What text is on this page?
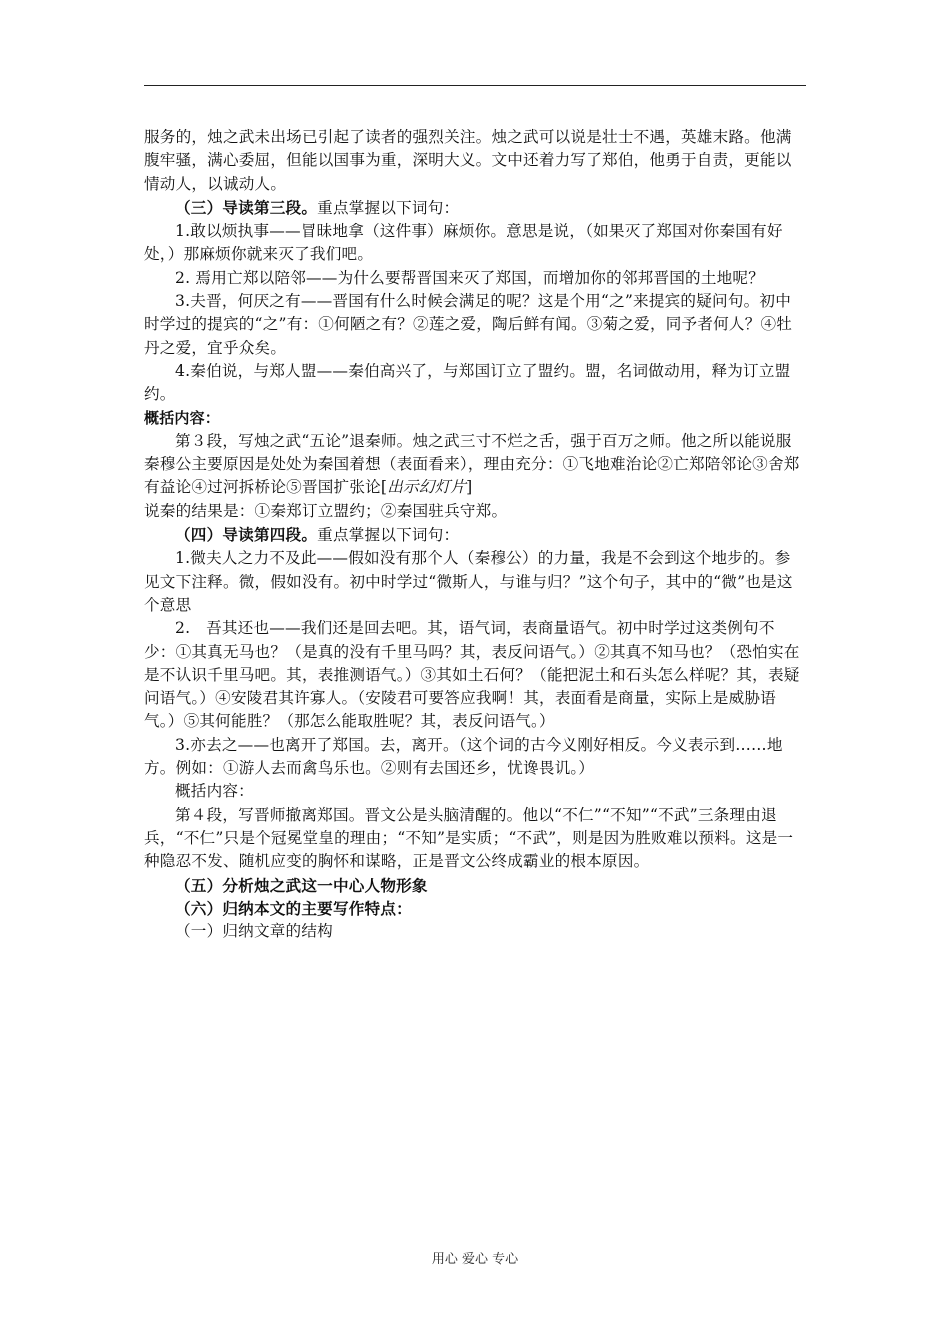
服务的，烛之武未出场已引起了读者的强烈关注。烛之武可以说是壮士不遇，英雄末路。他满腹牢骚，满心委屈，但能以国事为重，深明大义。文中还着力写了郑伯，他勇于自责，更能以情动人，以诚动人。

（三）导读第三段。重点掌握以下词句：

1.敢以烦执事——冒昧地拿（这件事）麻烦你。意思是说，（如果灭了郑国对你秦国有好处，）那麻烦你就来灭了我们吧。

2. 焉用亡郑以陪邻——为什么要帮晋国来灭了郑国，而增加你的邻邦晋国的土地呢？

3.夫晋，何厌之有——晋国有什么时候会满足的呢？这是个用“之”来提宾的疑问句。初中时学过的提宾的“之”有：①何陋之有？②莲之爱，陶后鲜有闻。③菊之爱，同予者何人？④牡丹之爱，宜乎众矣。

4.秦伯说，与郑人盟——秦伯高兴了，与郑国订立了盟约。盟，名词做动用，释为订立盟约。

概括内容：

第３段，写烛之武“五论”退秦师。烛之武三寸不烂之舌，强于百万之师。他之所以能说服秦穆公主要原因是处处为秦国着想（表面看来），理由充分：①飞地难治论②亡郑陪邻论③舍郑有益论④过河拆桥论⑤晋国扩张论[出示幻灯片]

说秦的结果是：①秦郑订立盟约；②秦国驻兵守郑。

（四）导读第四段。重点掌握以下词句：

1.微夫人之力不及此——假如没有那个人（秦穆公）的力量，我是不会到这个地步的。参见文下注释。微，假如没有。初中时学过“微斯人，与谁与归？”这个句子，其中的“微”也是这个意思

2.　吾其还也——我们还是回去吧。其，语气词，表商量语气。初中时学过这类例句不少：①其真无马也？（是真的没有千里马吗？其，表反问语气。）②其真不知马也？（恐怕实在是不认识千里马吧。其，表推测语气。）③其如土石何？（能把泥土和石头怎么样呢？其，表疑问语气。）④安陵君其许寡人。（安陵君可要答应我啊！其，表面看是商量，实际上是威胁语气。）⑤其何能胜？（那怎么能取胜呢？其，表反问语气。）

3.亦去之——也离开了郑国。去，离开。（这个词的古今义刚好相反。今义表示到……地方。例如：①游人去而禽鸟乐也。②则有去国还乡，忧谗畏讥。）

概括内容：

第４段，写晋师撤离郑国。晋文公是头脑清醒的。他以“不仁”“不知”“不武”三条理由退兵，“不仁”只是个冠冕堂皇的理由；“不知”是实质；“不武”，则是因为胜败难以预料。这是一种隐忍不发、随机应变的胸怀和谋略，正是晋文公终成霸业的根本原因。

（五）分析烛之武这一中心人物形象

（六）归纳本文的主要写作特点：

（一）归纳文章的结构

用心 爱心 专心
